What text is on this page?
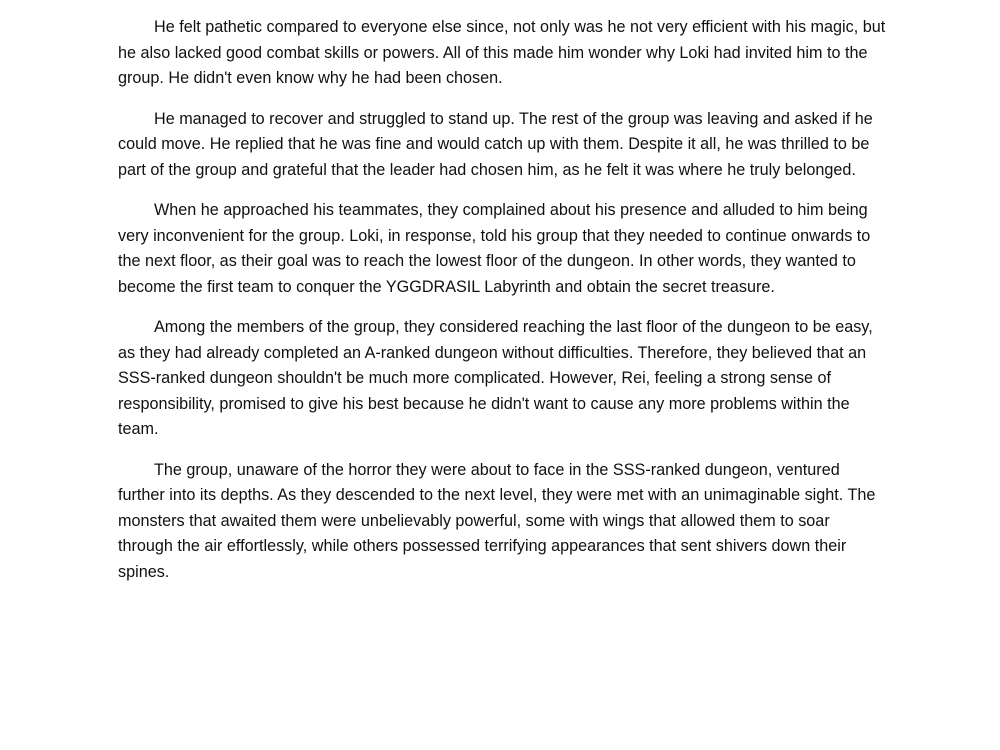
He felt pathetic compared to everyone else since, not only was he not very efficient with his magic, but he also lacked good combat skills or powers. All of this made him wonder why Loki had invited him to the group. He didn't even know why he had been chosen.

He managed to recover and struggled to stand up. The rest of the group was leaving and asked if he could move. He replied that he was fine and would catch up with them. Despite it all, he was thrilled to be part of the group and grateful that the leader had chosen him, as he felt it was where he truly belonged.

When he approached his teammates, they complained about his presence and alluded to him being very inconvenient for the group. Loki, in response, told his group that they needed to continue onwards to the next floor, as their goal was to reach the lowest floor of the dungeon. In other words, they wanted to become the first team to conquer the YGGDRASIL Labyrinth and obtain the secret treasure.

Among the members of the group, they considered reaching the last floor of the dungeon to be easy, as they had already completed an A-ranked dungeon without difficulties. Therefore, they believed that an SSS-ranked dungeon shouldn't be much more complicated. However, Rei, feeling a strong sense of responsibility, promised to give his best because he didn't want to cause any more problems within the team.

The group, unaware of the horror they were about to face in the SSS-ranked dungeon, ventured further into its depths. As they descended to the next level, they were met with an unimaginable sight. The monsters that awaited them were unbelievably powerful, some with wings that allowed them to soar through the air effortlessly, while others possessed terrifying appearances that sent shivers down their spines.
